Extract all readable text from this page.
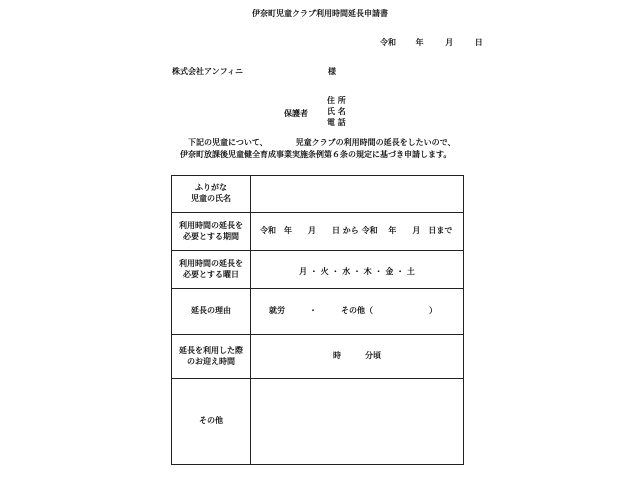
伊奈町児童クラブ利用時間延長申請書
令和 年	月	日
株式会社アンフィニ	様
保護者
住 所
氏 名
電 話
下記の児童について、　　　　児童クラブの利用時間の延長をしたいので、
伊奈町放課後児童健全育成事業実施条例第６条の規定に基づき申請します。
ふりがな
児童の氏名	

利用時間の延長を
必要とする期間	令和　年　　月　　日 から 令和　 年　　月　日まで

利用時間の延長を
必要とする曜日	月 ・ 火 ・ 水 ・ 木 ・ 金 ・ 土

延長の理由	就労　　　・　　　その他（　　　　　　　）

延長を利用した際
のお迎え時間	時　　　分頃

その他	
